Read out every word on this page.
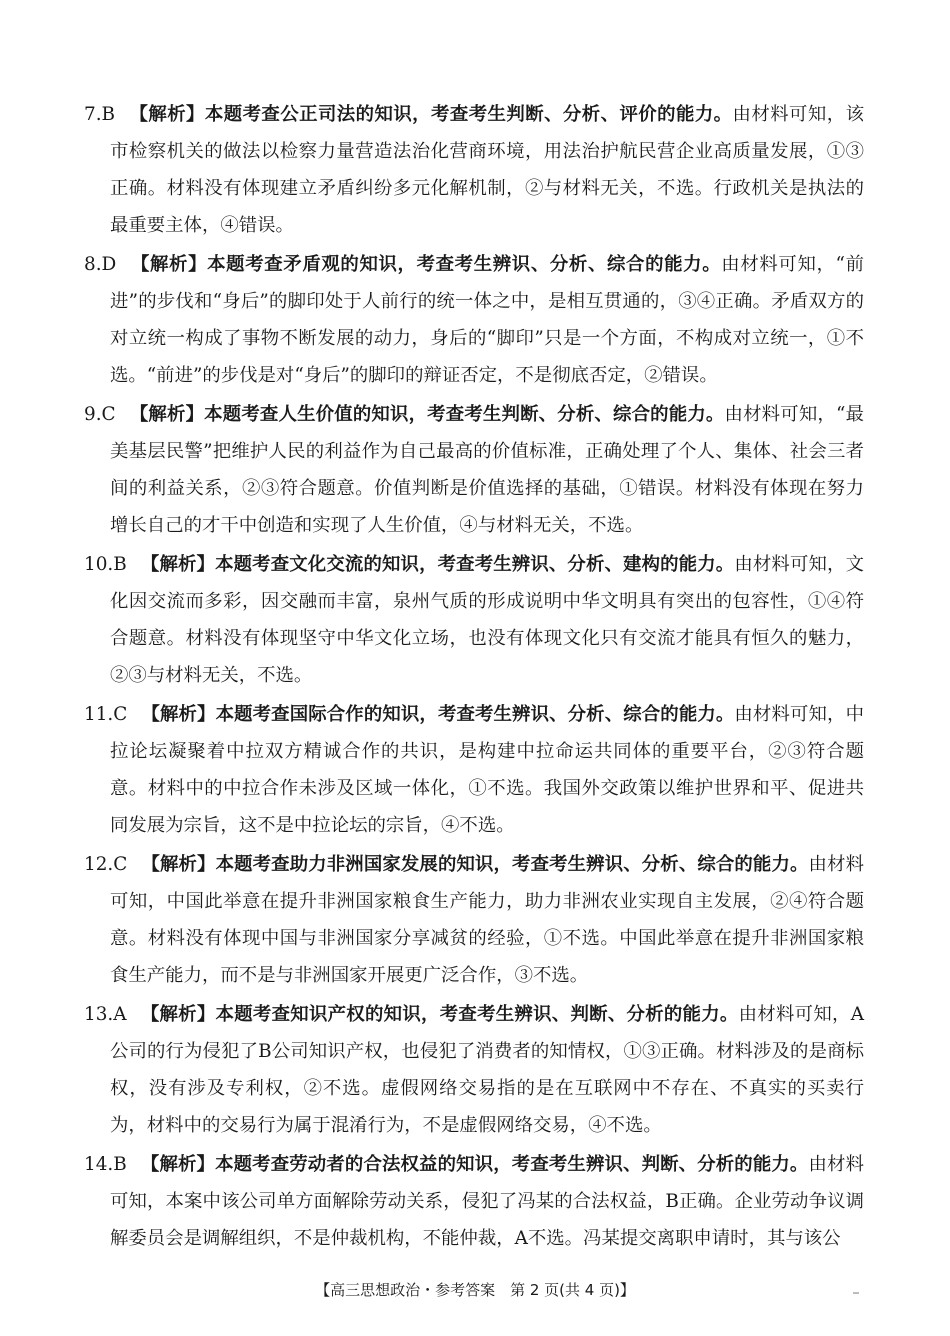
7.B 【解析】本题考查公正司法的知识，考查考生判断、分析、评价的能力。由材料可知，该市检察机关的做法以检察力量营造法治化营商环境，用法治护航民营企业高质量发展，①③正确。材料没有体现建立矛盾纠纷多元化解机制，②与材料无关，不选。行政机关是执法的最重要主体，④错误。

8.D 【解析】本题考查矛盾观的知识，考查考生辨识、分析、综合的能力。由材料可知，“前进”的步伐和“身后”的脚印处于人前行的统一体之中，是相互贯通的，③④正确。矛盾双方的对立统一构成了事物不断发展的动力，身后的“脚印”只是一个方面，不构成对立统一，①不选。“前进”的步伐是对“身后”的脚印的辩证否定，不是彻底否定，②错误。

9.C 【解析】本题考查人生价值的知识，考查考生判断、分析、综合的能力。由材料可知，“最美基层民警”把维护人民的利益作为自己最高的价值标准，正确处理了个人、集体、社会三者间的利益关系，②③符合题意。价值判断是价值选择的基础，①错误。材料没有体现在努力增长自己的才干中创造和实现了人生价值，④与材料无关，不选。

10.B 【解析】本题考查文化交流的知识，考查考生辨识、分析、建构的能力。由材料可知，文化因交流而多彩，因交融而丰富，泉州气质的形成说明中华文明具有突出的包容性，①④符合题意。材料没有体现坚守中华文化立场，也没有体现文化只有交流才能具有恒久的魅力，②③与材料无关，不选。

11.C 【解析】本题考查国际合作的知识，考查考生辨识、分析、综合的能力。由材料可知，中拉论坛凝聚着中拉双方精诚合作的共识，是构建中拉命运共同体的重要平台，②③符合题意。材料中的中拉合作未涉及区域一体化，①不选。我国外交政策以维护世界和平、促进共同发展为宗旨，这不是中拉论坛的宗旨，④不选。

12.C 【解析】本题考查助力非洲国家发展的知识，考查考生辨识、分析、综合的能力。由材料可知，中国此举意在提升非洲国家粮食生产能力，助力非洲农业实现自主发展，②④符合题意。材料没有体现中国与非洲国家分享减贫的经验，①不选。中国此举意在提升非洲国家粮食生产能力，而不是与非洲国家开展更广泛合作，③不选。

13.A 【解析】本题考查知识产权的知识，考查考生辨识、判断、分析的能力。由材料可知，A公司的行为侵犯了B公司知识产权，也侵犯了消费者的知情权，①③正确。材料涉及的是商标权，没有涉及专利权，②不选。虚假网络交易指的是在互联网中不存在、不真实的买卖行为，材料中的交易行为属于混淆行为，不是虚假网络交易，④不选。

14.B 【解析】本题考查劳动者的合法权益的知识，考查考生辨识、判断、分析的能力。由材料可知，本案中该公司单方面解除劳动关系，侵犯了冯某的合法权益，B正确。企业劳动争议调解委员会是调解组织，不是仲裁机构，不能仲裁，A不选。冯某提交离职申请时，其与该公

【高三思想政治・参考答案　第 2 页(共 4 页)】
